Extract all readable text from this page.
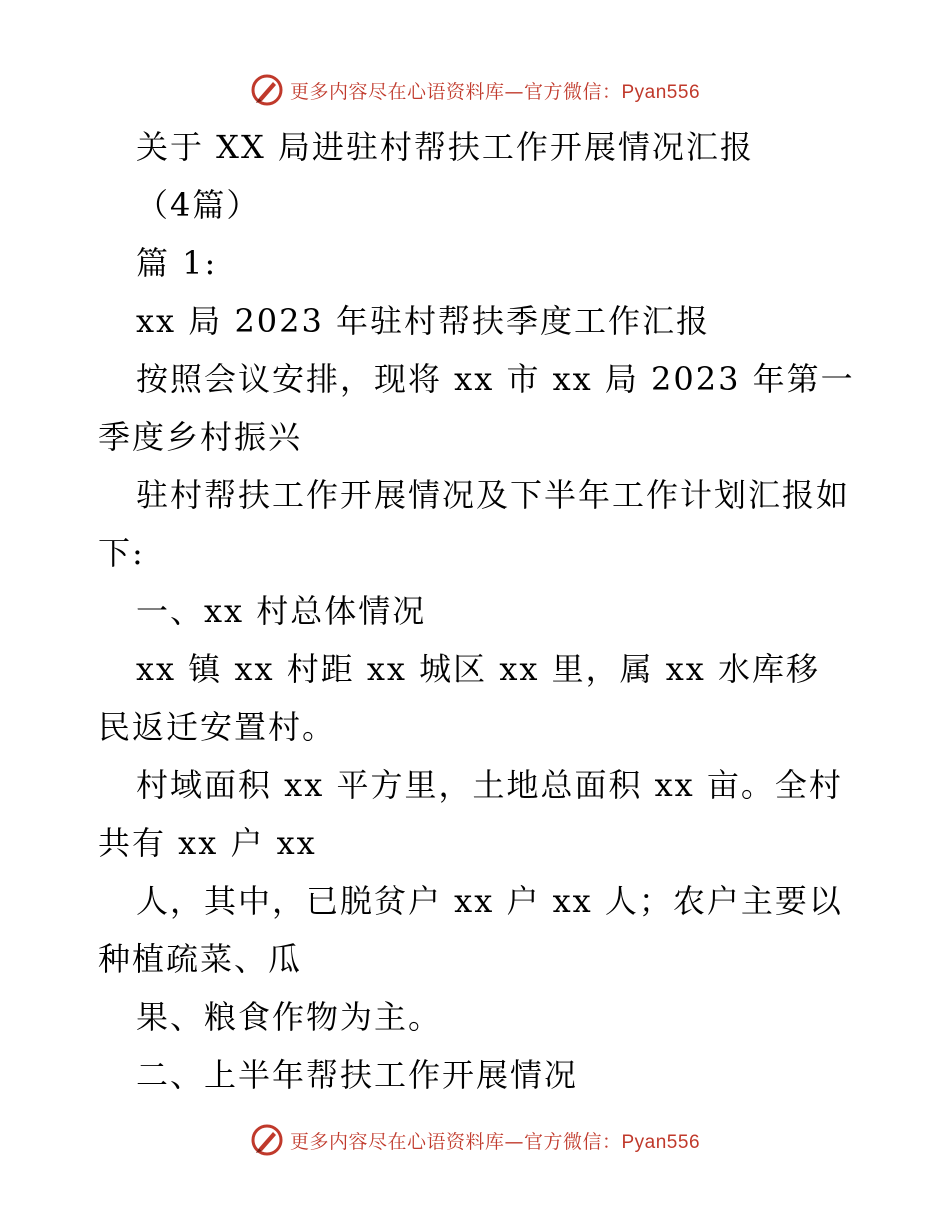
更多内容尽在心语资料库—官方微信：Pyan556
关于 XX 局进驻村帮扶工作开展情况汇报
（4篇）
篇 1:
xx 局 2023 年驻村帮扶季度工作汇报
按照会议安排，现将 xx 市 xx 局 2023 年第一
季度乡村振兴
驻村帮扶工作开展情况及下半年工作计划汇报如
下:
一、xx 村总体情况
xx 镇 xx 村距 xx 城区 xx 里，属 xx 水库移
民返迁安置村。
村域面积 xx 平方里，土地总面积 xx 亩。全村
共有 xx 户 xx
人，其中，已脱贫户 xx 户 xx 人；农户主要以
种植疏菜、瓜
果、粮食作物为主。
二、上半年帮扶工作开展情况
更多内容尽在心语资料库—官方微信：Pyan556
